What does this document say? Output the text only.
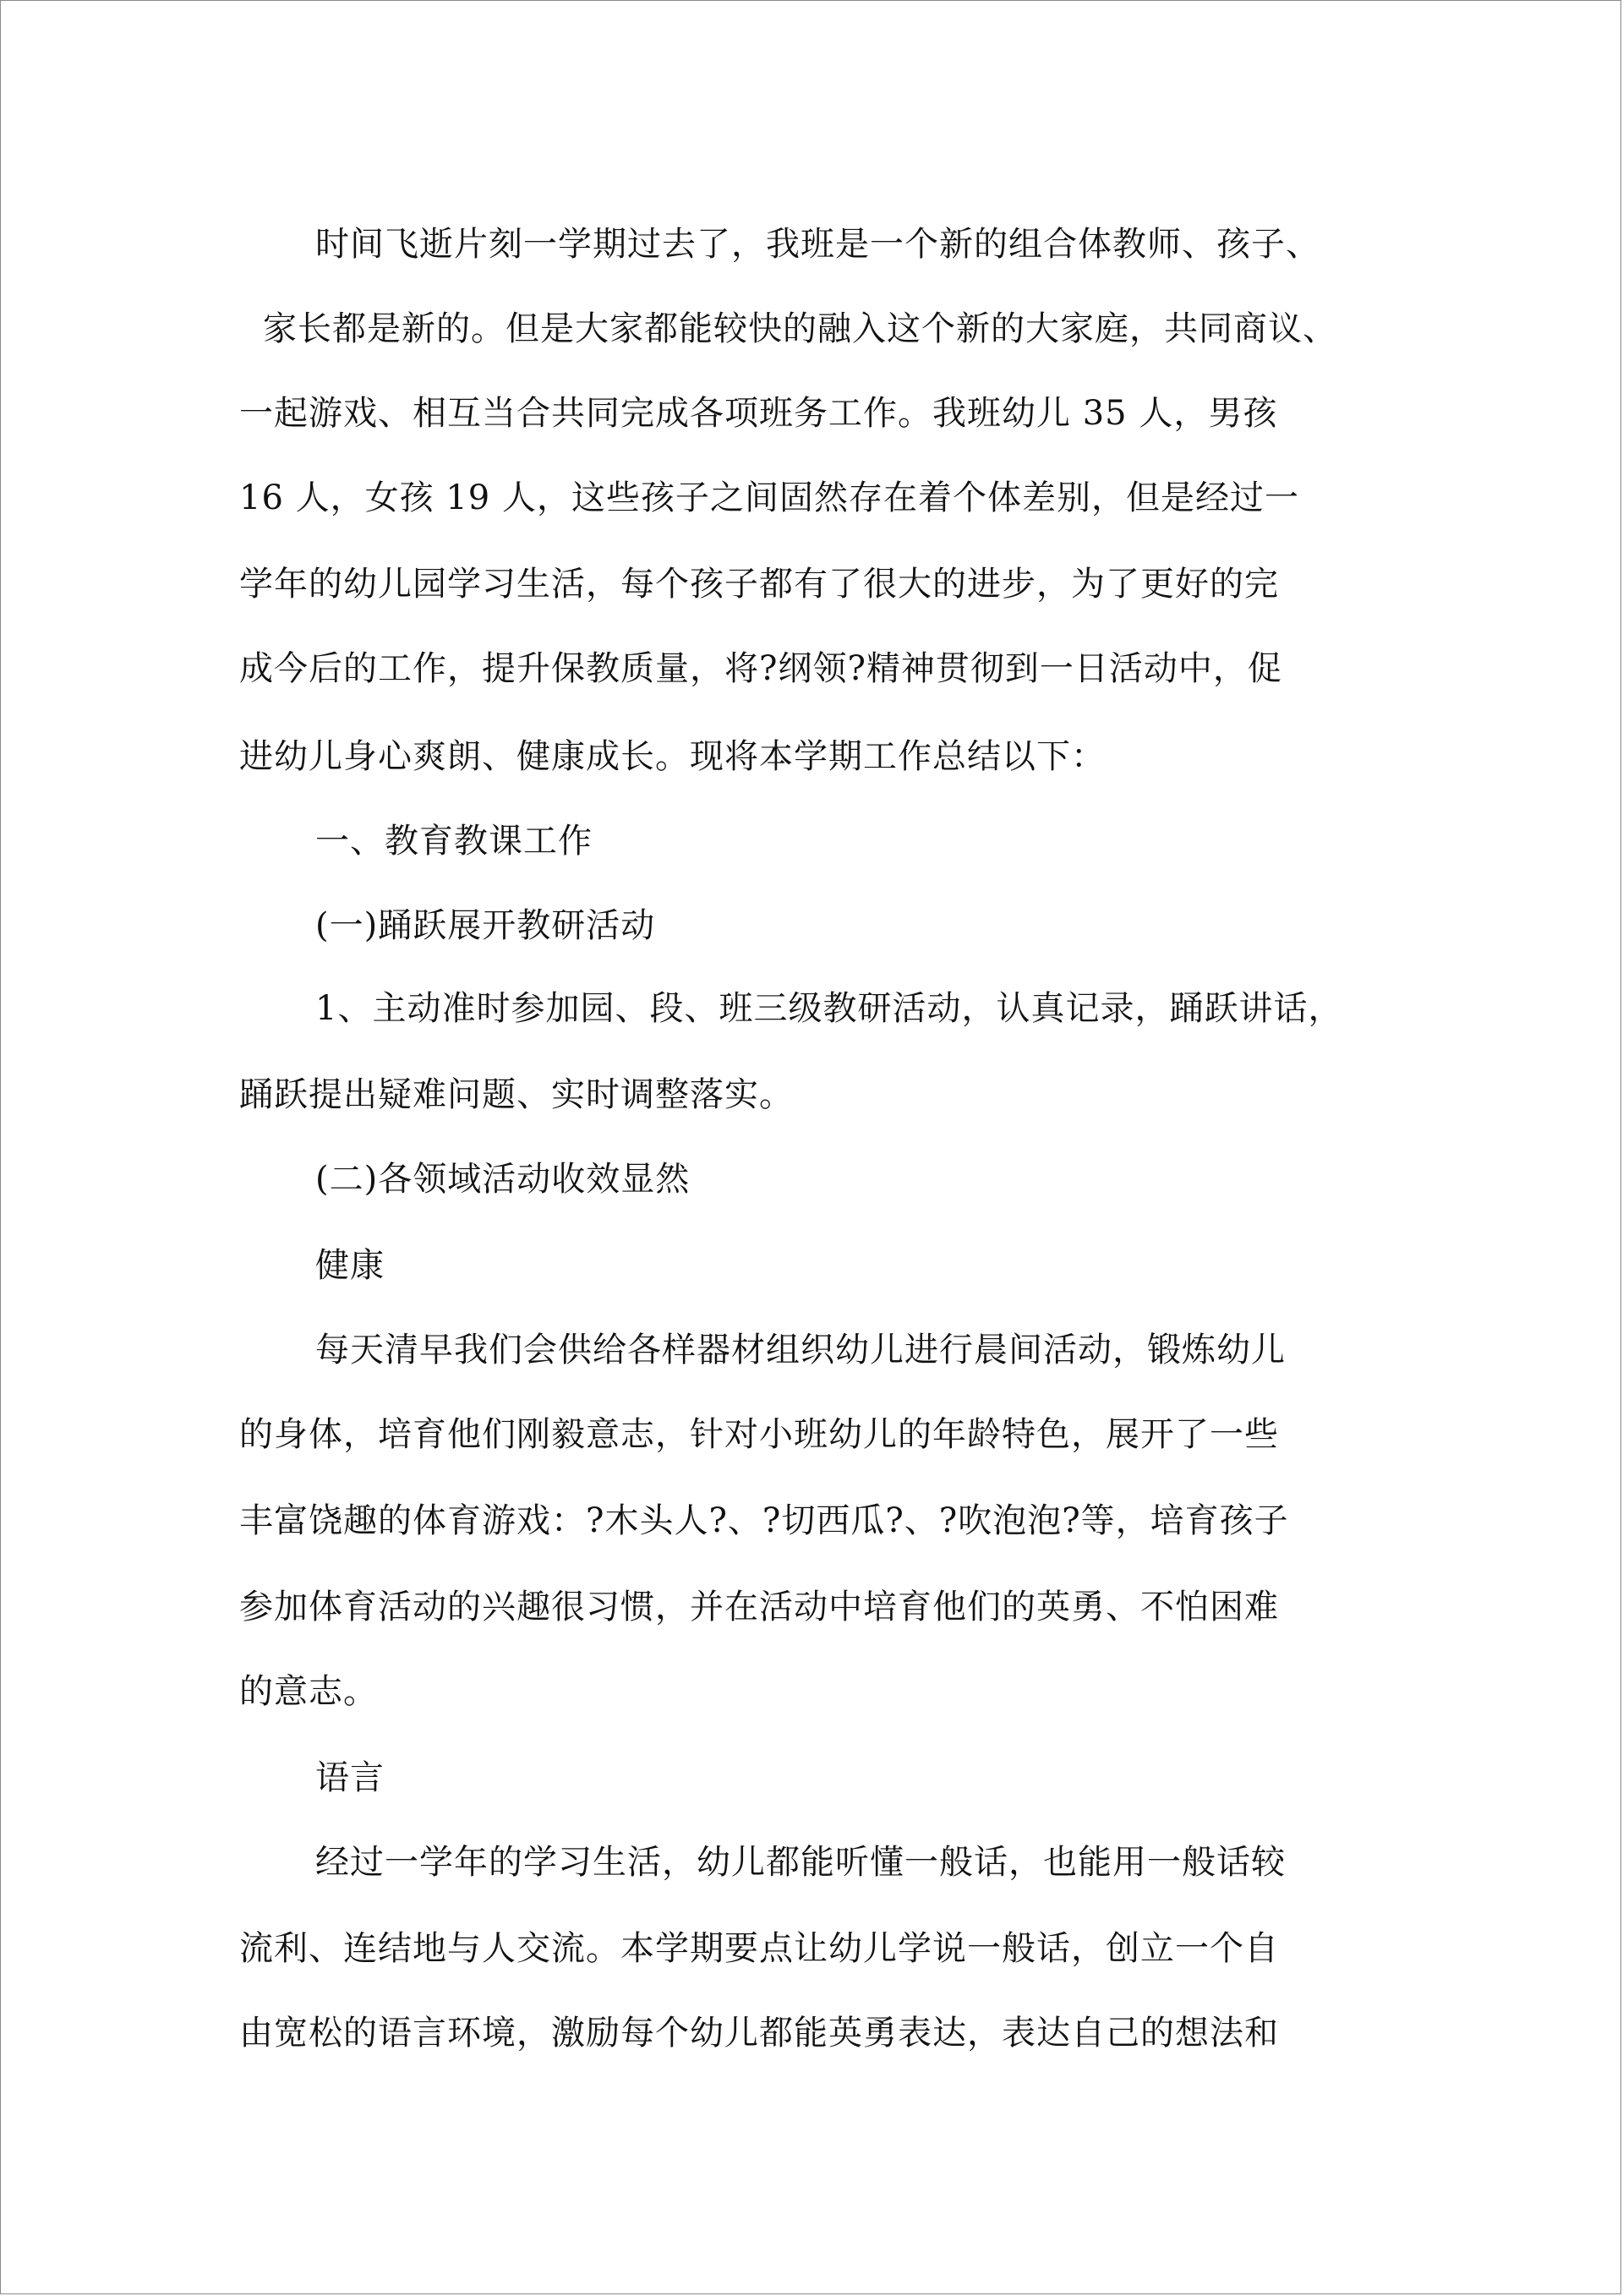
时间飞逝片刻一学期过去了，我班是一个新的组合体教师、孩子、
家长都是新的。但是大家都能较快的融入这个新的大家庭，共同商议、
一起游戏、相互当合共同完成各项班务工作。我班幼儿 35 人，男孩
16 人，女孩 19 人，这些孩子之间固然存在着个体差别，但是经过一
学年的幼儿园学习生活，每个孩子都有了很大的进步，为了更好的完
成今后的工作，提升保教质量，将?纲领?精神贯彻到一日活动中，促
进幼儿身心爽朗、健康成长。现将本学期工作总结以下：
一、教育教课工作
(一)踊跃展开教研活动
1、主动准时参加园、段、班三级教研活动，认真记录，踊跃讲话，
踊跃提出疑难问题、实时调整落实。
(二)各领域活动收效显然
健康
每天清早我们会供给各样器材组织幼儿进行晨间活动，锻炼幼儿
的身体，培育他们刚毅意志，针对小班幼儿的年龄特色，展开了一些
丰富饶趣的体育游戏：?木头人?、?切西瓜?、?吹泡泡?等，培育孩子
参加体育活动的兴趣很习惯，并在活动中培育他们的英勇、不怕困难
的意志。
语言
经过一学年的学习生活，幼儿都能听懂一般话，也能用一般话较
流利、连结地与人交流。本学期要点让幼儿学说一般话，创立一个自
由宽松的语言环境，激励每个幼儿都能英勇表达，表达自己的想法和
